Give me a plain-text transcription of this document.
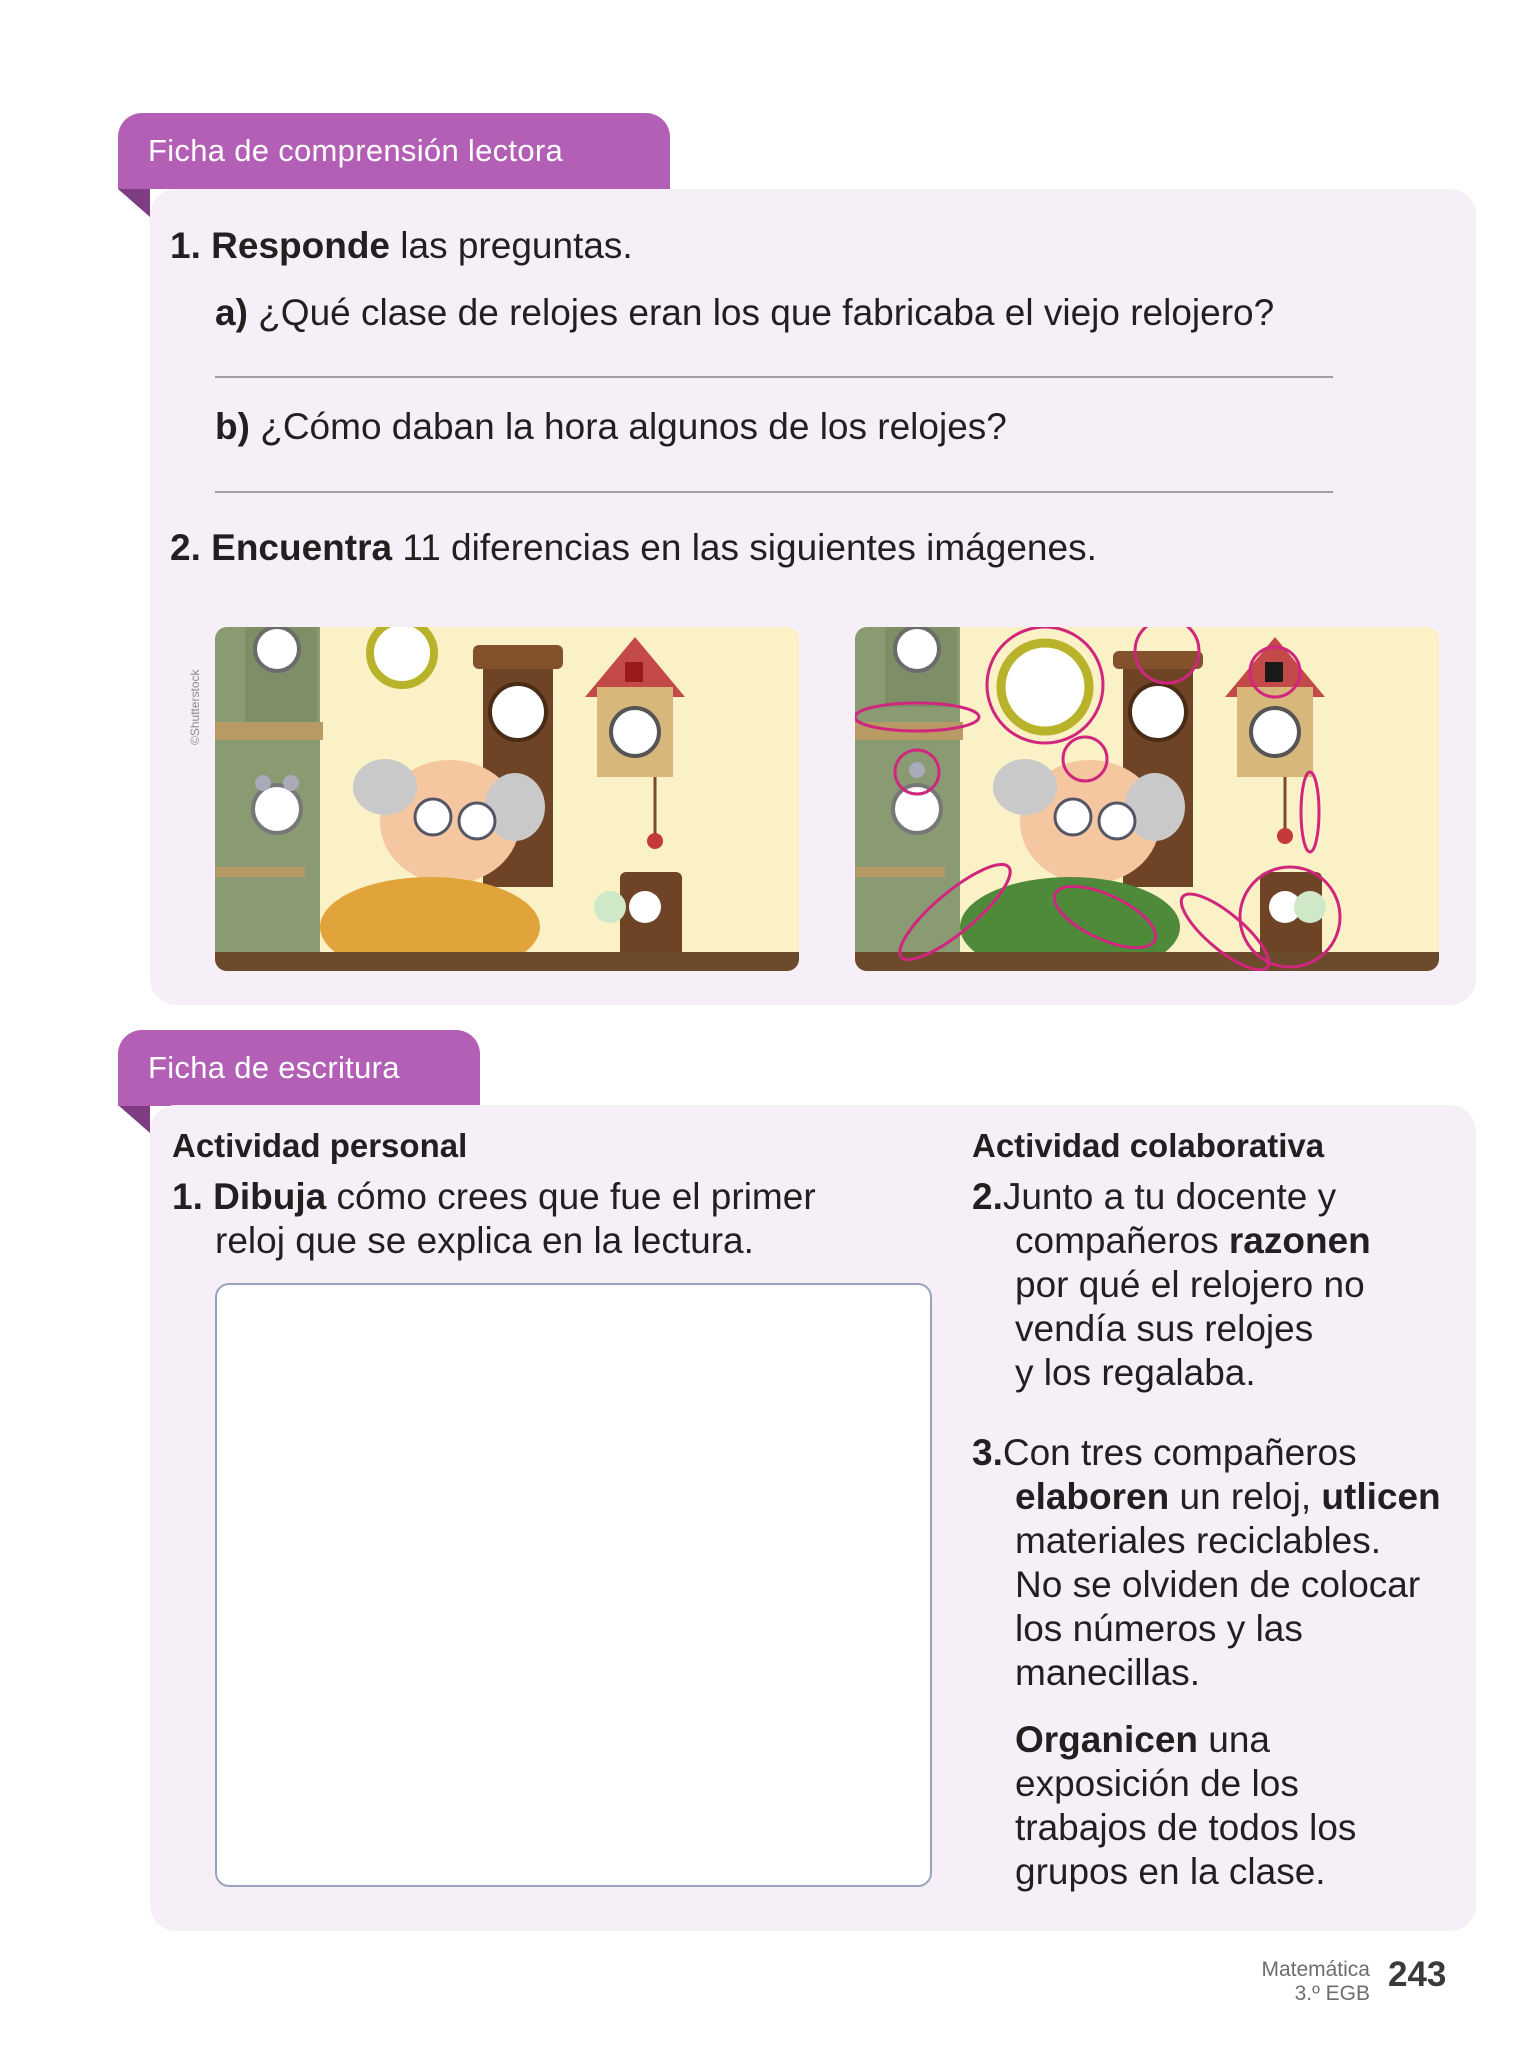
Ficha de comprensión lectora
1. Responde las preguntas.
a) ¿Qué clase de relojes eran los que fabricaba el viejo relojero?
b) ¿Cómo daban la hora algunos de los relojes?
2. Encuentra 11 diferencias en las siguientes imágenes.
©Shutterstock
Ficha de escritura
Actividad personal
1. Dibuja cómo crees que fue el primer
reloj que se explica en la lectura.
Actividad colaborativa
2.Junto a tu docente y
compañeros razonen
por qué el relojero no
vendía sus relojes
y los regalaba.
3.Con tres compañeros
elaboren un reloj, utlicen
materiales reciclables.
No se olviden de colocar
los números y las
manecillas.
Organicen una
exposición de los
trabajos de todos los
grupos en la clase.
Matemática
3.º EGB 243
